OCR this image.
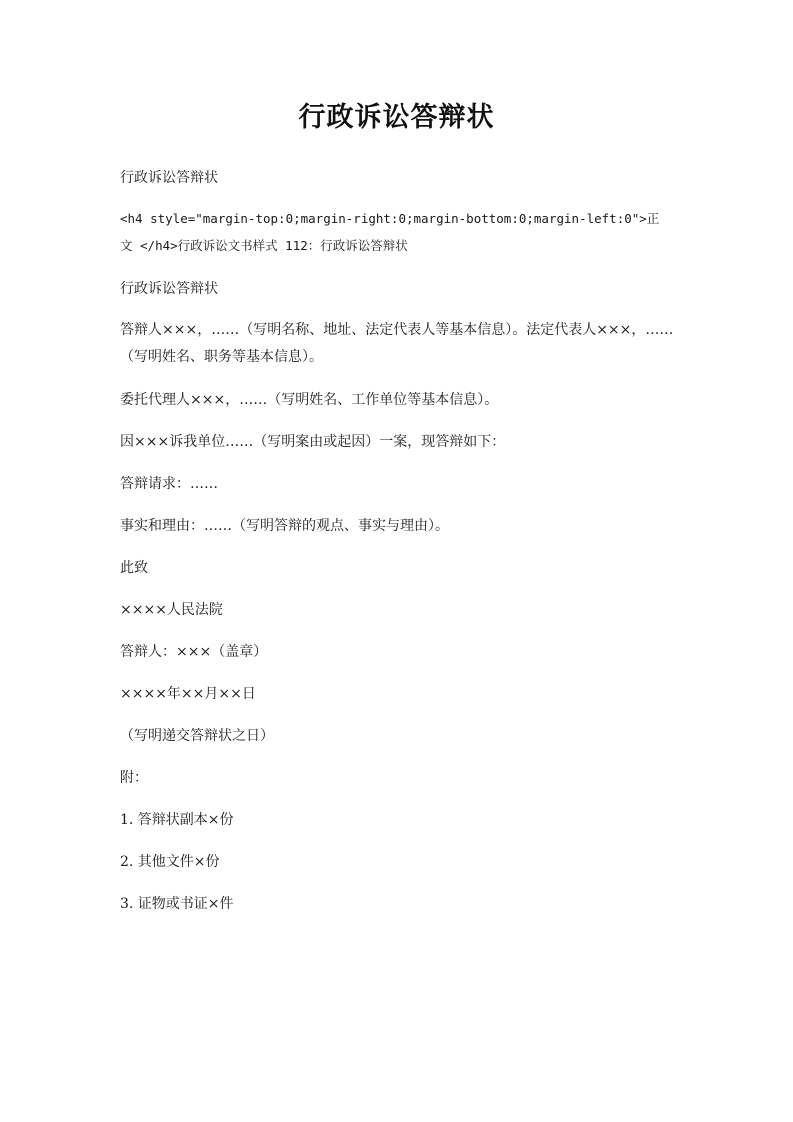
行政诉讼答辩状
行政诉讼答辩状
<h4 style="margin-top:0;margin-right:0;margin-bottom:0;margin-left:0">正 文 </h4>行政诉讼文书样式 112：行政诉讼答辩状
行政诉讼答辩状
答辩人×××，……（写明名称、地址、法定代表人等基本信息）。法定代表人×××，……（写明姓名、职务等基本信息）。
委托代理人×××，……（写明姓名、工作单位等基本信息）。
因×××诉我单位……（写明案由或起因）一案，现答辩如下：
答辩请求：……
事实和理由：……（写明答辩的观点、事实与理由）。
此致
××××人民法院
答辩人：×××（盖章）
××××年××月××日
（写明递交答辩状之日）
附：
1. 答辩状副本×份
2. 其他文件×份
3. 证物或书证×件
